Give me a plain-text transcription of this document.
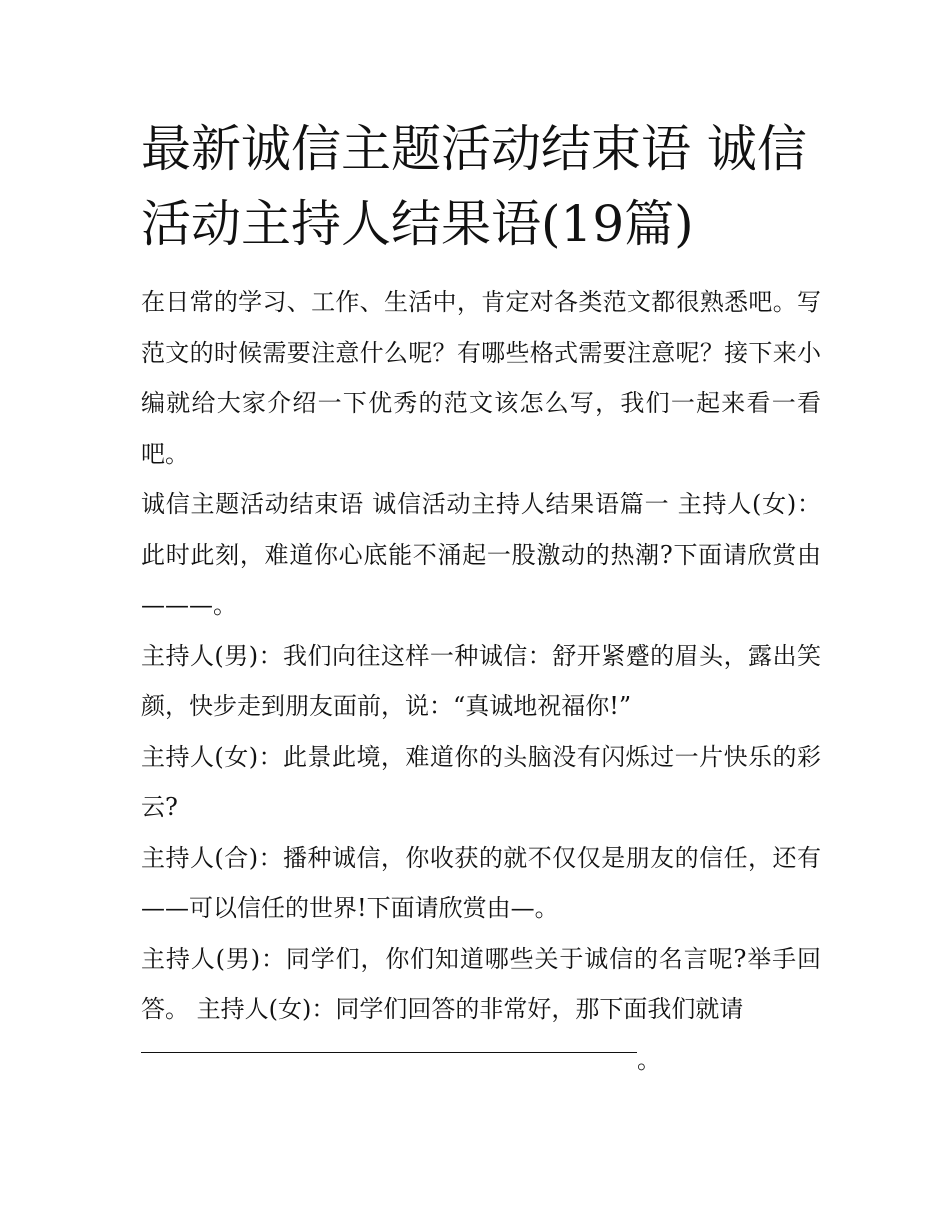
最新诚信主题活动结束语 诚信活动主持人结果语(19篇)

在日常的学习、工作、生活中，肯定对各类范文都很熟悉吧。写范文的时候需要注意什么呢？有哪些格式需要注意呢？接下来小编就给大家介绍一下优秀的范文该怎么写，我们一起来看一看吧。

诚信主题活动结束语 诚信活动主持人结果语篇一 主持人(女)：此时此刻，难道你心底能不涌起一股激动的热潮?下面请欣赏由———。

主持人(男)：我们向往这样一种诚信：舒开紧蹙的眉头，露出笑颜，快步走到朋友面前，说：“真诚地祝福你!”

主持人(女)：此景此境，难道你的头脑没有闪烁过一片快乐的彩云?

主持人(合)：播种诚信，你收获的就不仅仅是朋友的信任，还有——可以信任的世界!下面请欣赏由—。

主持人(男)：同学们，你们知道哪些关于诚信的名言呢?举手回答。 主持人(女)：同学们回答的非常好，那下面我们就请

。
